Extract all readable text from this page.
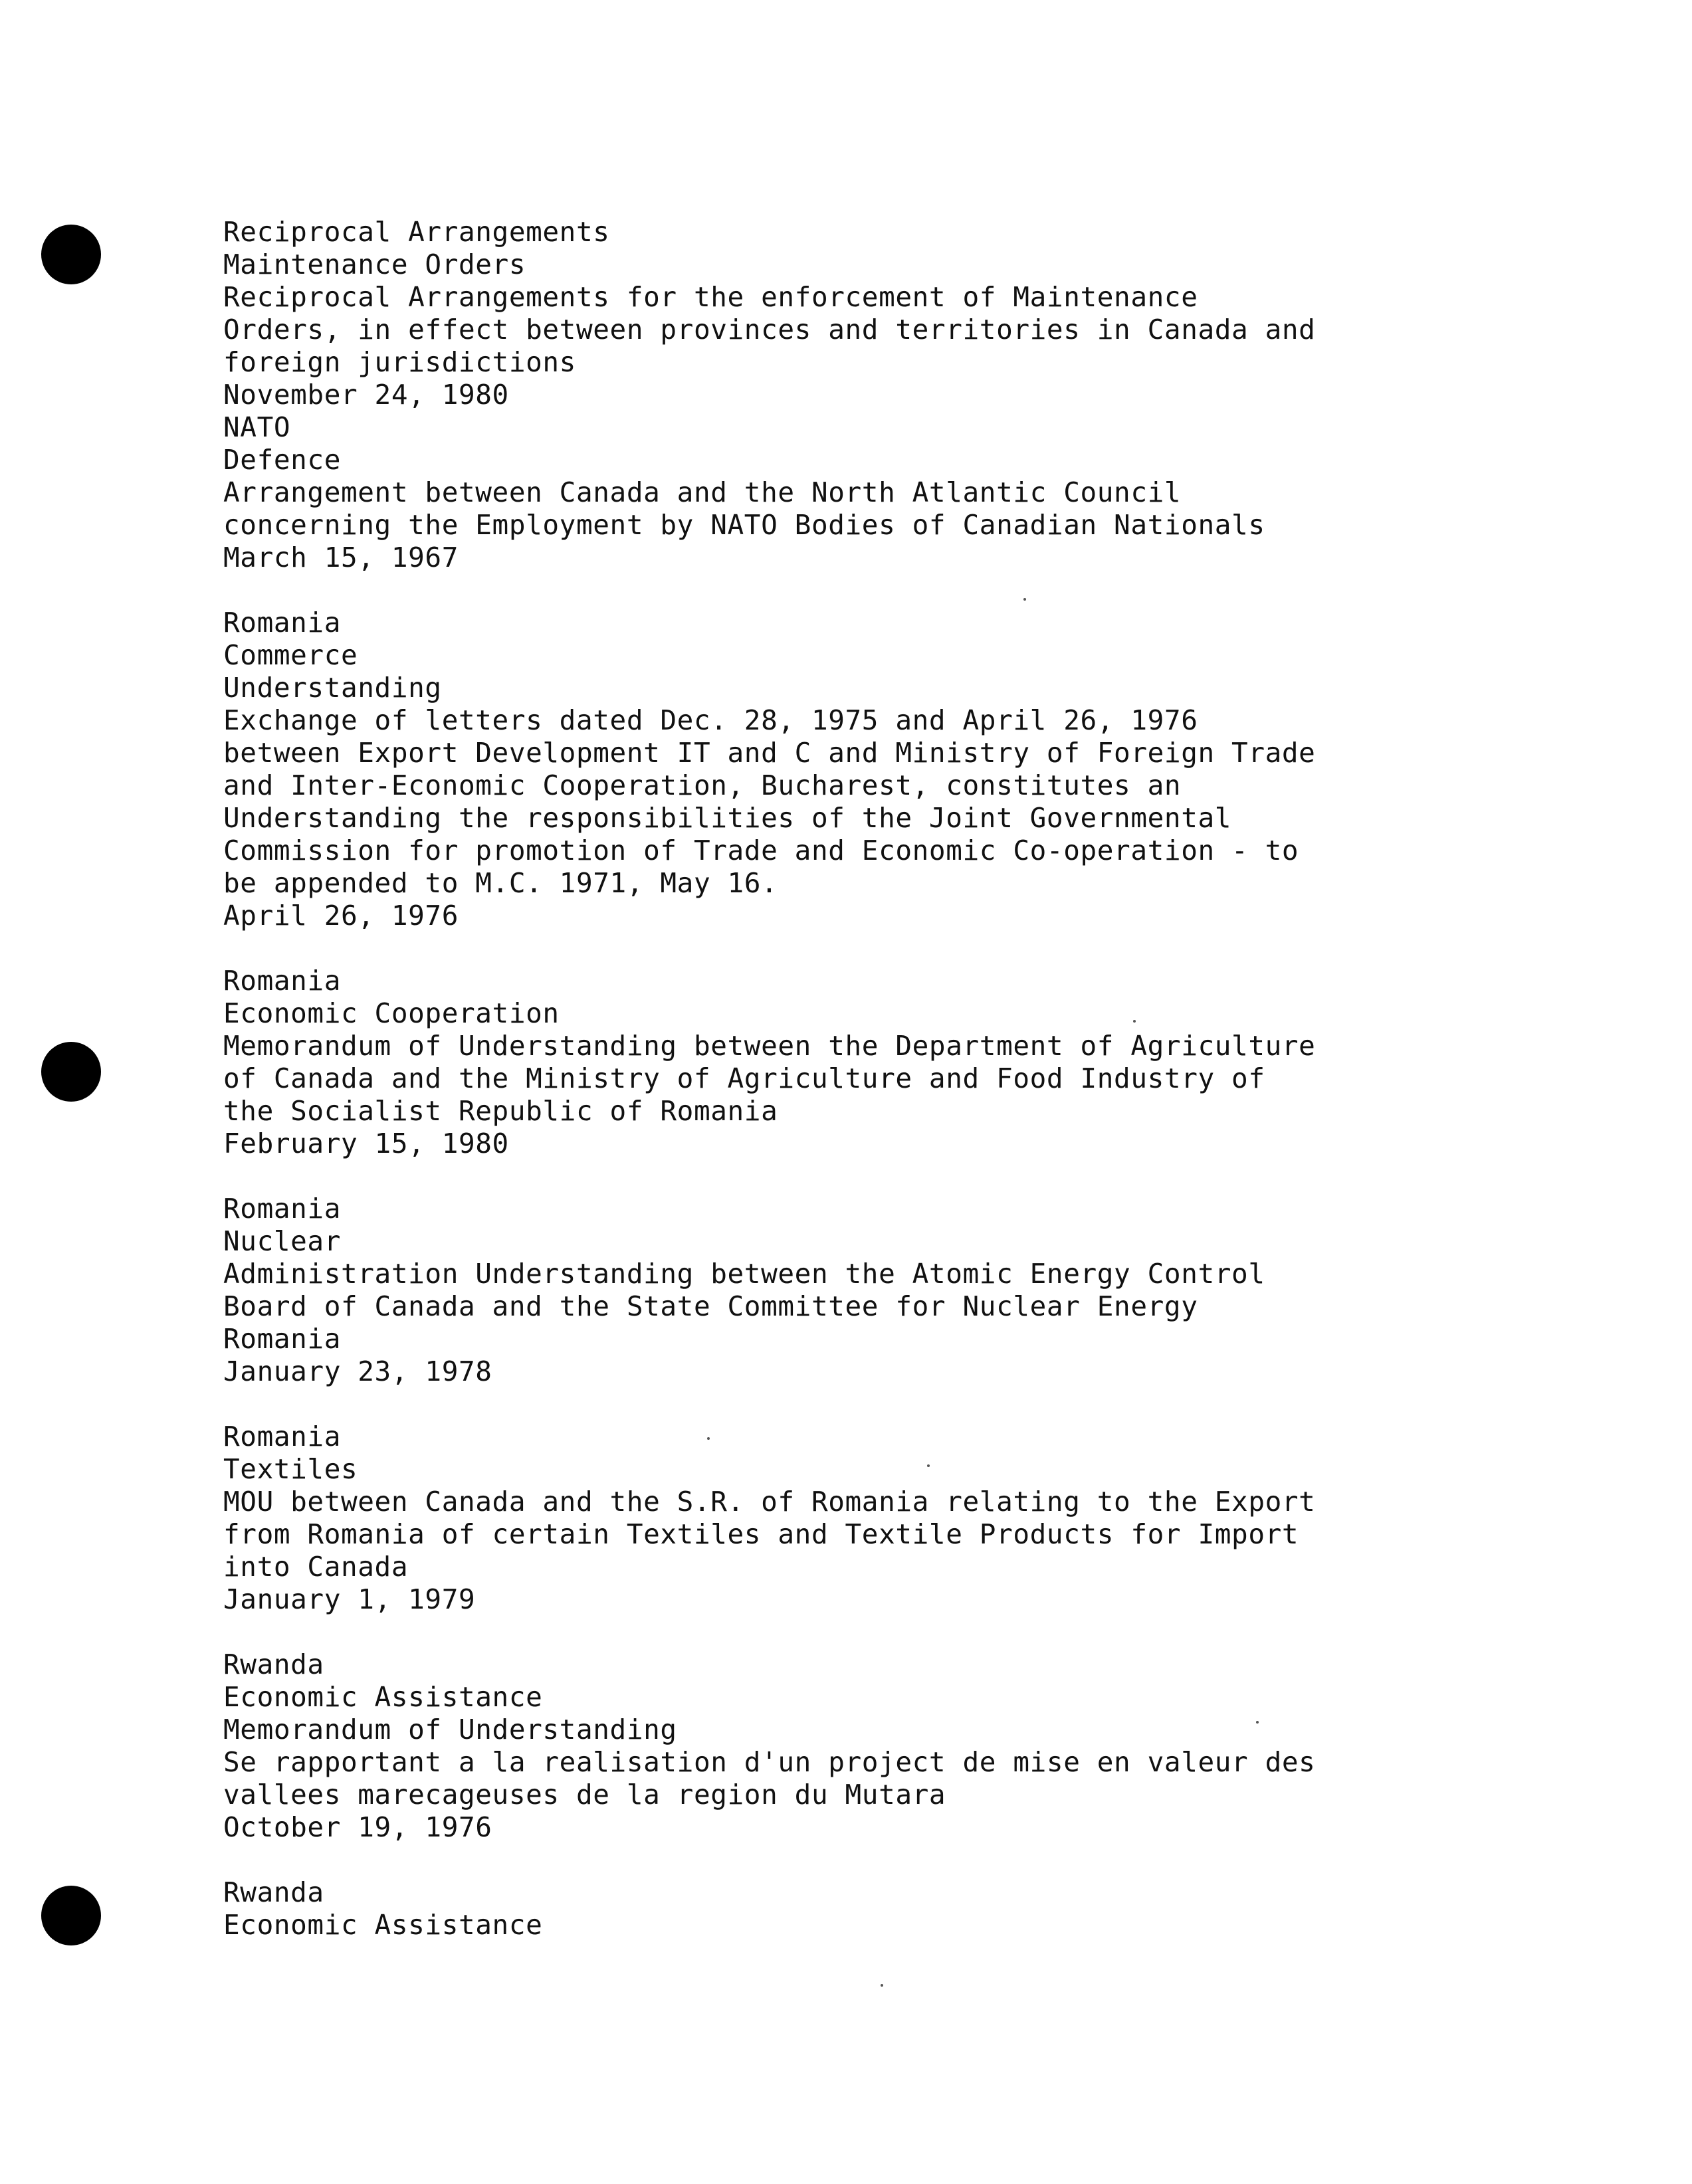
Reciprocal Arrangements
Maintenance Orders
Reciprocal Arrangements for the enforcement of Maintenance
Orders, in effect between provinces and territories in Canada and
foreign jurisdictions
November 24, 1980
NATO
Defence
Arrangement between Canada and the North Atlantic Council
concerning the Employment by NATO Bodies of Canadian Nationals
March 15, 1967
Romania
Commerce
Understanding
Exchange of letters dated Dec. 28, 1975 and April 26, 1976
between Export Development IT and C and Ministry of Foreign Trade
and Inter-Economic Cooperation, Bucharest, constitutes an
Understanding the responsibilities of the Joint Governmental
Commission for promotion of Trade and Economic Co-operation - to
be appended to M.C. 1971, May 16.
April 26, 1976
Romania
Economic Cooperation
Memorandum of Understanding between the Department of Agriculture
of Canada and the Ministry of Agriculture and Food Industry of
the Socialist Republic of Romania
February 15, 1980
Romania
Nuclear
Administration Understanding between the Atomic Energy Control
Board of Canada and the State Committee for Nuclear Energy
Romania
January 23, 1978
Romania
Textiles
MOU between Canada and the S.R. of Romania relating to the Export
from Romania of certain Textiles and Textile Products for Import
into Canada
January 1, 1979
Rwanda
Economic Assistance
Memorandum of Understanding
Se rapportant a la realisation d'un project de mise en valeur des
vallees marecageuses de la region du Mutara
October 19, 1976
Rwanda
Economic Assistance
